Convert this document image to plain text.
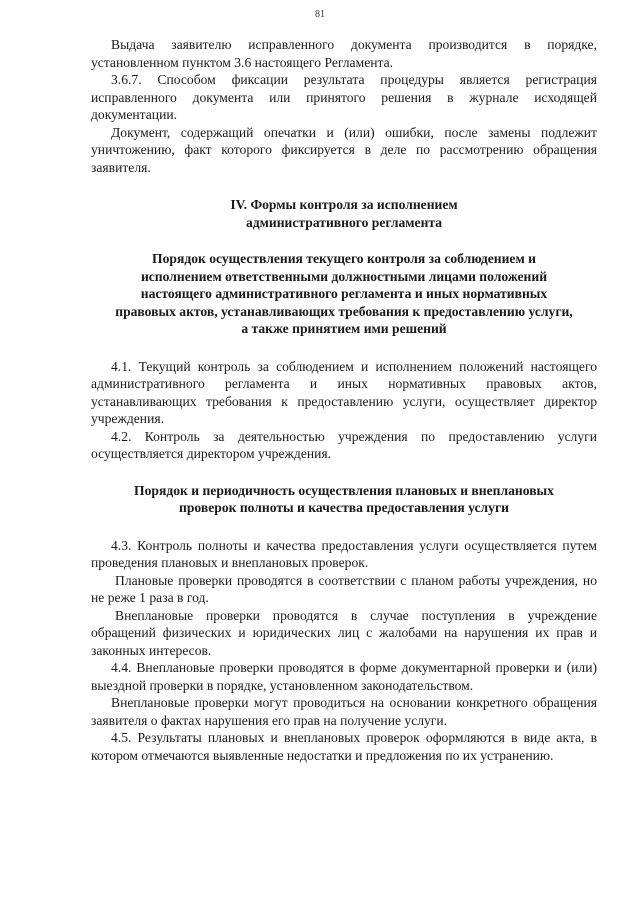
81

Выдача заявителю исправленного документа производится в порядке, установленном пунктом 3.6 настоящего Регламента.

3.6.7. Способом фиксации результата процедуры является регистрация исправленного документа или принятого решения в журнале исходящей документации.

Документ, содержащий опечатки и (или) ошибки, после замены подлежит уничтожению, факт которого фиксируется в деле по рассмотрению обращения заявителя.

IV. Формы контроля за исполнением
административного регламента
Порядок осуществления текущего контроля за соблюдением и исполнением ответственными должностными лицами положений настоящего административного регламента и иных нормативных правовых актов, устанавливающих требования к предоставлению услуги, а также принятием ими решений

4.1. Текущий контроль за соблюдением и исполнением положений настоящего административного регламента и иных нормативных правовых актов, устанавливающих требования к предоставлению услуги, осуществляет директор учреждения.

4.2. Контроль за деятельностью учреждения по предоставлению услуги осуществляется директором учреждения.

Порядок и периодичность осуществления плановых и внеплановых проверок полноты и качества предоставления услуги

4.3. Контроль полноты и качества предоставления услуги осуществляется путем проведения плановых и внеплановых проверок.

Плановые проверки проводятся в соответствии с планом работы учреждения, но не реже 1 раза в год.

Внеплановые проверки проводятся в случае поступления в учреждение обращений физических и юридических лиц с жалобами на нарушения их прав и законных интересов.

4.4. Внеплановые проверки проводятся в форме документарной проверки и (или) выездной проверки в порядке, установленном законодательством.

Внеплановые проверки могут проводиться на основании конкретного обращения заявителя о фактах нарушения его прав на получение услуги.

4.5. Результаты плановых и внеплановых проверок оформляются в виде акта, в котором отмечаются выявленные недостатки и предложения по их устранению.
